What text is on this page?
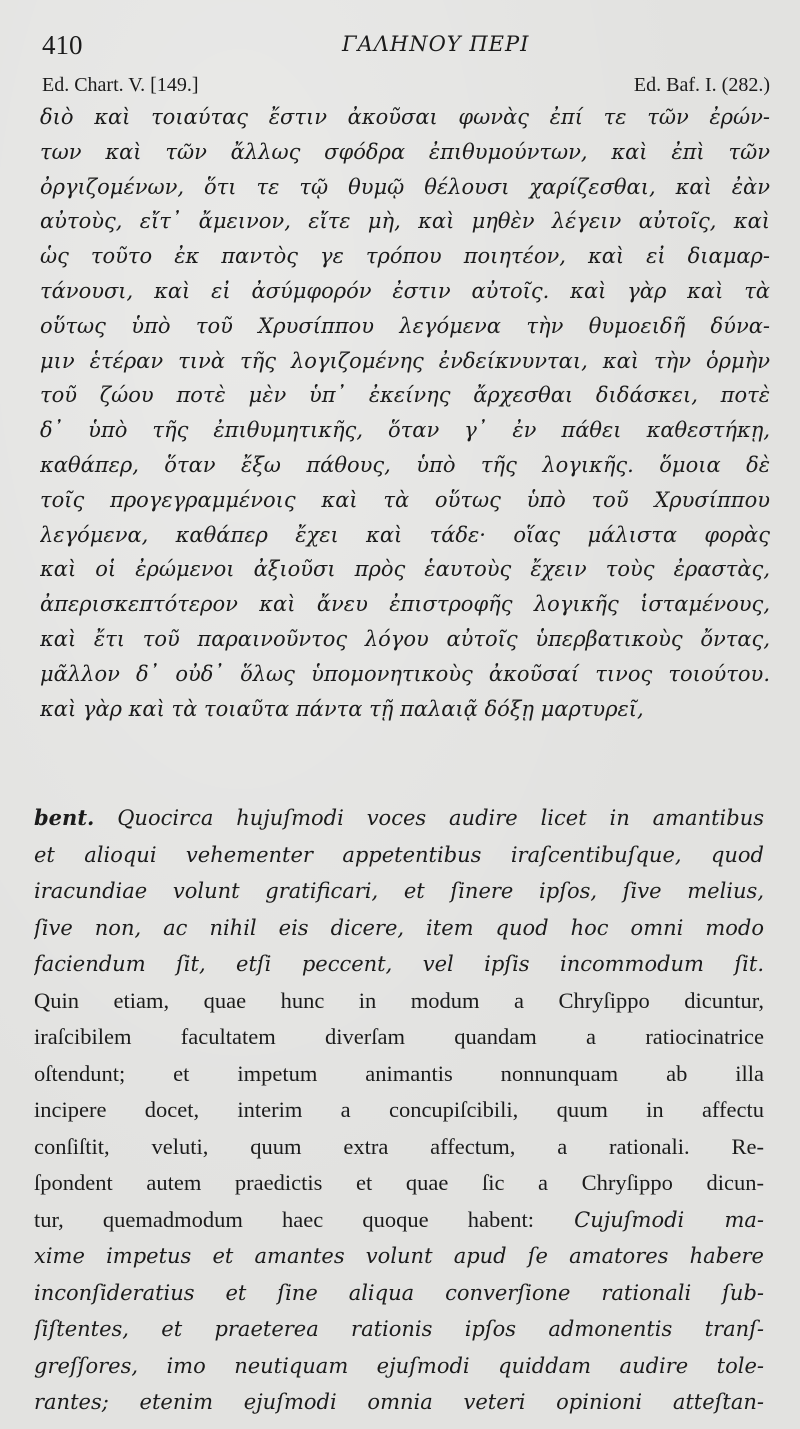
410	ΓΑΛΗΝΟΥ ΠΕΡΙ
Ed. Chart. V. [149.]	Ed. Baf. I. (282.)
διὸ καὶ τοιαύτας ἔστιν ἀκοῦσαι φωνὰς ἐπί τε τῶν ἐρών-
των καὶ τῶν ἄλλως σφόδρα ἐπιθυμούντων, καὶ ἐπὶ τῶν
ὀργιζομένων, ὅτι τε τῷ θυμῷ θέλουσι χαρίζεσθαι, καὶ ἐὰν
αὐτοὺς, εἴτ᾽ ἄμεινον, εἴτε μὴ, καὶ μηθὲν λέγειν αὐτοῖς, καὶ
ὡς τοῦτο ἐκ παντὸς γε τρόπου ποιητέον, καὶ εἰ διαμαρ-
τάνουσι, καὶ εἰ ἀσύμφορόν ἐστιν αὐτοῖς. καὶ γὰρ καὶ τὰ
οὕτως ὑπὸ τοῦ Χρυσίππου λεγόμενα τὴν θυμοειδῆ δύνα-
μιν ἑτέραν τινὰ τῆς λογιζομένης ἐνδείκνυνται, καὶ τὴν ὁρμὴν
τοῦ ζώου ποτὲ μὲν ὑπ᾽ ἐκείνης ἄρχεσθαι διδάσκει, ποτὲ
δ᾽ ὑπὸ τῆς ἐπιθυμητικῆς, ὅταν γ᾽ ἐν πάθει καθεστήκῃ,
καθάπερ, ὅταν ἔξω πάθους, ὑπὸ τῆς λογικῆς. ὅμοια δὲ
τοῖς προγεγραμμένοις καὶ τὰ οὕτως ὑπὸ τοῦ Χρυσίππου
λεγόμενα, καθάπερ ἔχει καὶ τάδε· οἵας μάλιστα φορὰς
καὶ οἱ ἐρώμενοι ἀξιοῦσι πρὸς ἑαυτοὺς ἔχειν τοὺς ἐραστὰς,
ἀπερισκεπτότερον καὶ ἄνευ ἐπιστροφῆς λογικῆς ἱσταμένους,
καὶ ἔτι τοῦ παραινοῦντος λόγου αὐτοῖς ὑπερβατικοὺς ὄντας,
μᾶλλον δ᾽ οὐδ᾽ ὅλως ὑπομονητικοὺς ἀκοῦσαί τινος τοιούτου.
καὶ γὰρ καὶ τὰ τοιαῦτα πάντα τῇ παλαιᾷ δόξῃ μαρτυρεῖ,
bent. Quocirca hujuſmodi voces audire licet in amantibus
et alioqui vehementer appetentibus iraſcentibuſque, quod
iracundiae volunt gratificari, et ſinere ipſos, ſive melius,
ſive non, ac nihil eis dicere, item quod hoc omni modo
faciendum ſit, etſi peccent, vel ipſis incommodum ſit.
Quin etiam, quae hunc in modum a Chryſippo dicuntur,
iraſcibilem facultatem diverſam quandam a ratiocinatrice
oſtendunt; et impetum animantis nonnunquam ab illa
incipere docet, interim a concupiſcibili, quum in affectu
conſiſtit, veluti, quum extra affectum, a rationali. Re-
ſpondent autem praedictis et quae ſic a Chryſippo dicun-
tur, quemadmodum haec quoque habent: Cujuſmodi ma-
xime impetus et amantes volunt apud ſe amatores habere
inconſideratius et ſine aliqua converſione rationali ſub-
ſiſtentes, et praeterea rationis ipſos admonentis tranſ-
greſſores, imo neutiquam ejuſmodi quiddam audire tole-
rantes; etenim ejuſmodi omnia veteri opinioni atteſtan-
